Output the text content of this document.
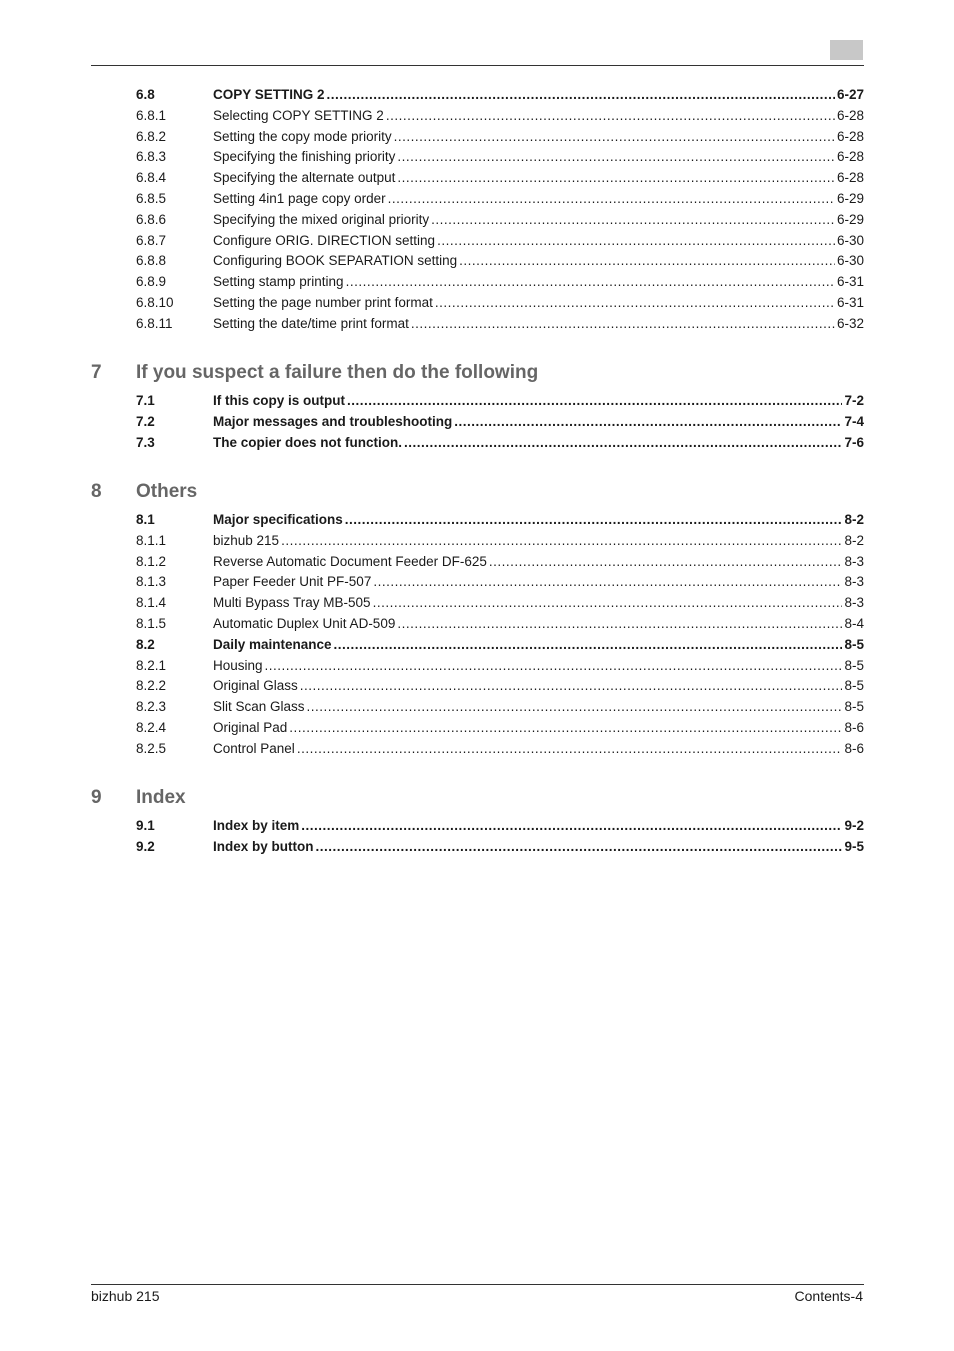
6.8	COPY SETTING 2 .....	6-27
6.8.1	Selecting COPY SETTING 2 .....	6-28
6.8.2	Setting the copy mode priority .....	6-28
6.8.3	Specifying the finishing priority .....	6-28
6.8.4	Specifying the alternate output .....	6-28
6.8.5	Setting 4in1 page copy order .....	6-29
6.8.6	Specifying the mixed original priority .....	6-29
6.8.7	Configure ORIG. DIRECTION setting .....	6-30
6.8.8	Configuring BOOK SEPARATION setting .....	6-30
6.8.9	Setting stamp printing .....	6-31
6.8.10	Setting the page number print format .....	6-31
6.8.11	Setting the date/time print format .....	6-32
7 If you suspect a failure then do the following
7.1	If this copy is output .....	7-2
7.2	Major messages and troubleshooting .....	7-4
7.3	The copier does not function. .....	7-6
8 Others
8.1	Major specifications .....	8-2
8.1.1	bizhub 215 .....	8-2
8.1.2	Reverse Automatic Document Feeder DF-625 .....	8-3
8.1.3	Paper Feeder Unit PF-507 .....	8-3
8.1.4	Multi Bypass Tray MB-505 .....	8-3
8.1.5	Automatic Duplex Unit AD-509 .....	8-4
8.2	Daily maintenance .....	8-5
8.2.1	Housing .....	8-5
8.2.2	Original Glass .....	8-5
8.2.3	Slit Scan Glass .....	8-5
8.2.4	Original Pad .....	8-6
8.2.5	Control Panel .....	8-6
9 Index
9.1	Index by item .....	9-2
9.2	Index by button .....	9-5
bizhub 215	Contents-4
